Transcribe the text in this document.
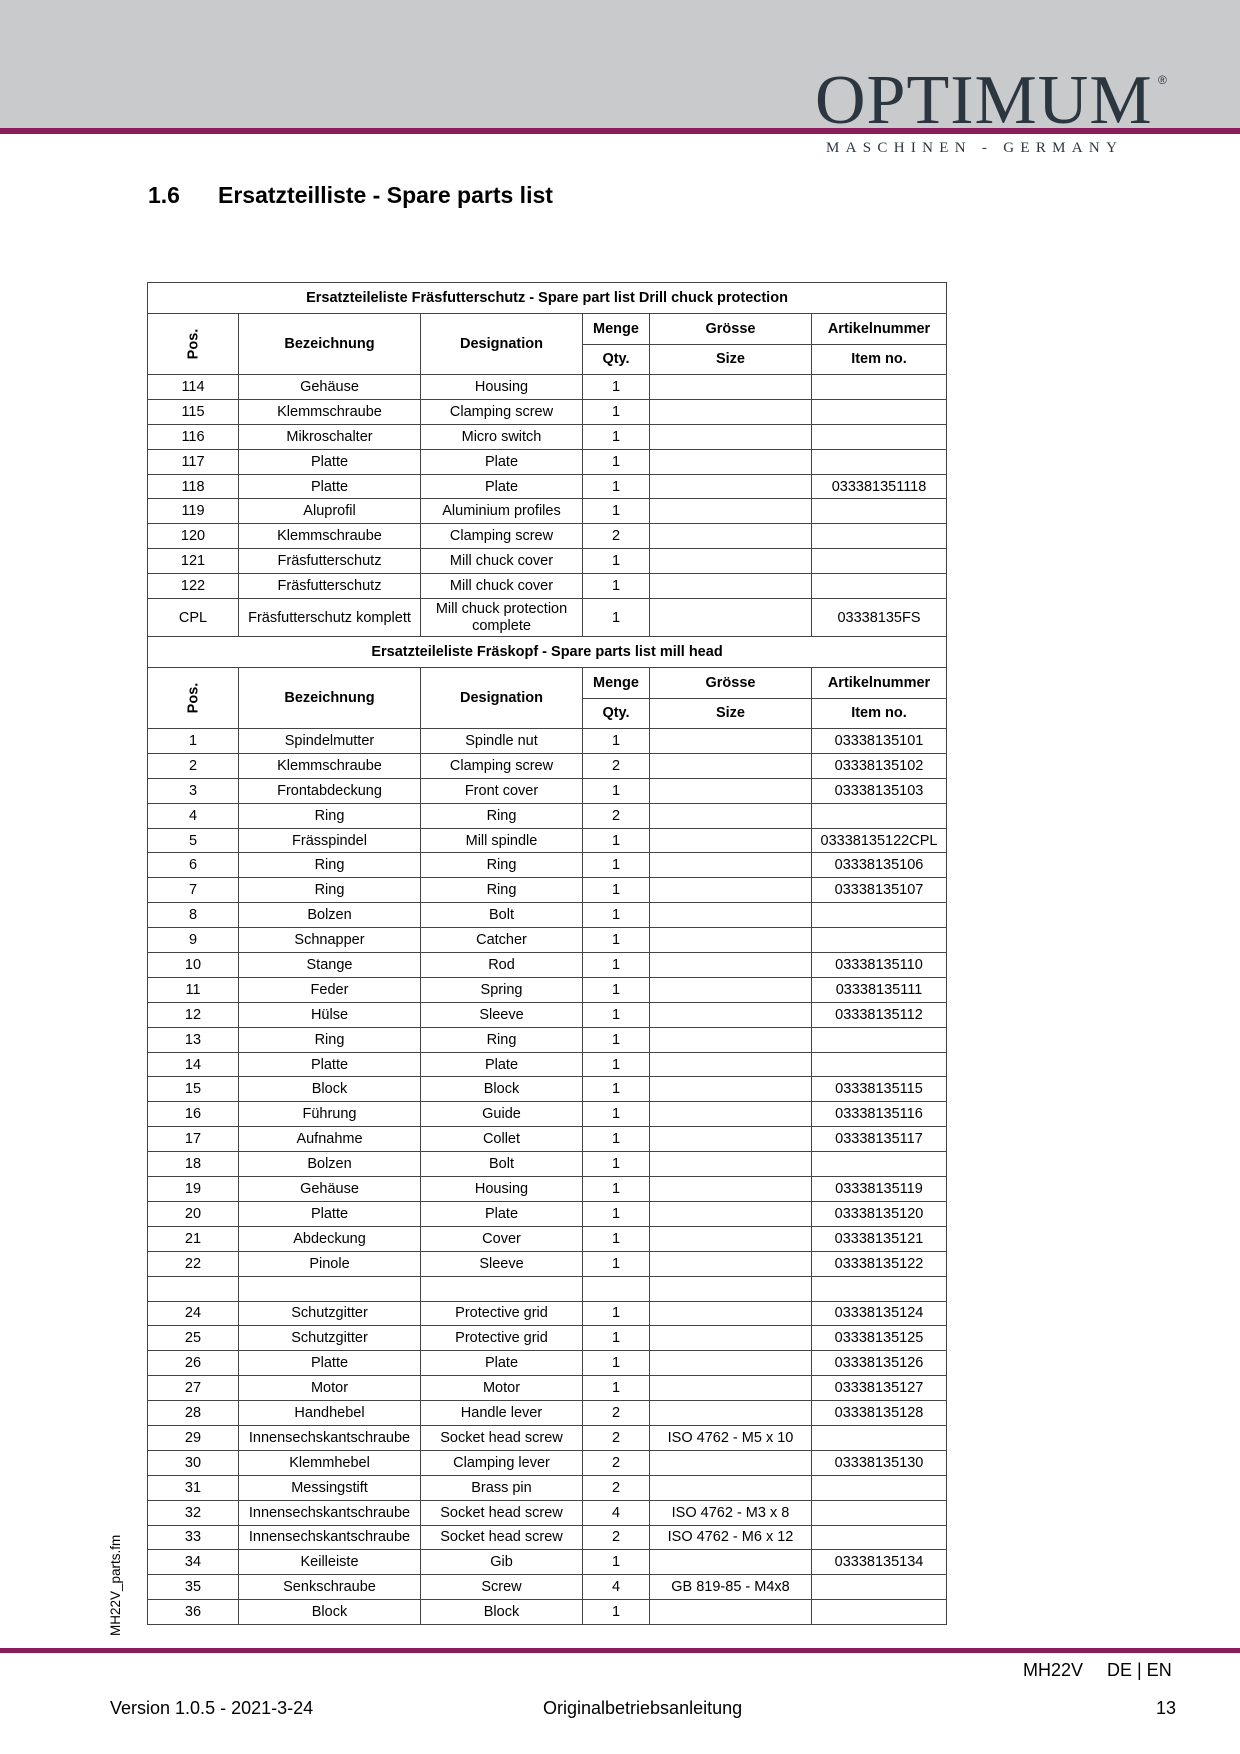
OPTIMUM ®
MASCHINEN - GERMANY
1.6 Ersatzteilliste - Spare parts list
Ersatzteileliste Fräsfutterschutz - Spare part list Drill chuck protection					
Pos.	Bezeichnung	Designation	Menge	Grösse	Artikelnummer
			Qty.	Size	Item no.
114	Gehäuse	Housing	1		
115	Klemmschraube	Clamping screw	1		
116	Mikroschalter	Micro switch	1		
117	Platte	Plate	1		
118	Platte	Plate	1		033381351118
119	Aluprofil	Aluminium profiles	1		
120	Klemmschraube	Clamping screw	2		
121	Fräsfutterschutz	Mill chuck cover	1		
122	Fräsfutterschutz	Mill chuck cover	1		
CPL	Fräsfutterschutz komplett	Mill chuck protection complete	1		03338135FS
Ersatzteileliste Fräskopf - Spare parts list mill head					
Pos.	Bezeichnung	Designation	Menge	Grösse	Artikelnummer
			Qty.	Size	Item no.
1	Spindelmutter	Spindle nut	1		03338135101
2	Klemmschraube	Clamping screw	2		03338135102
3	Frontabdeckung	Front cover	1		03338135103
4	Ring	Ring	2		
5	Frässpindel	Mill spindle	1		03338135122CPL
6	Ring	Ring	1		03338135106
7	Ring	Ring	1		03338135107
8	Bolzen	Bolt	1		
9	Schnapper	Catcher	1		
10	Stange	Rod	1		03338135110
11	Feder	Spring	1		03338135111
12	Hülse	Sleeve	1		03338135112
13	Ring	Ring	1		
14	Platte	Plate	1		
15	Block	Block	1		03338135115
16	Führung	Guide	1		03338135116
17	Aufnahme	Collet	1		03338135117
18	Bolzen	Bolt	1		
19	Gehäuse	Housing	1		03338135119
20	Platte	Plate	1		03338135120
21	Abdeckung	Cover	1		03338135121
22	Pinole	Sleeve	1		03338135122

24	Schutzgitter	Protective grid	1		03338135124
25	Schutzgitter	Protective grid	1		03338135125
26	Platte	Plate	1		03338135126
27	Motor	Motor	1		03338135127
28	Handhebel	Handle lever	2		03338135128
29	Innensechskantschraube	Socket head screw	2	ISO 4762 - M5 x 10	
30	Klemmhebel	Clamping lever	2		03338135130
31	Messingstift	Brass pin	2		
32	Innensechskantschraube	Socket head screw	4	ISO 4762 - M3 x 8	
33	Innensechskantschraube	Socket head screw	2	ISO 4762 - M6 x 12	
34	Keilleiste	Gib	1		03338135134
35	Senkschraube	Screw	4	GB 819-85 - M4x8	
36	Block	Block	1		
MH22V_parts.fm
MH22V DE | EN
Version 1.0.5 - 2021-3-24	Originalbetriebsanleitung	13
